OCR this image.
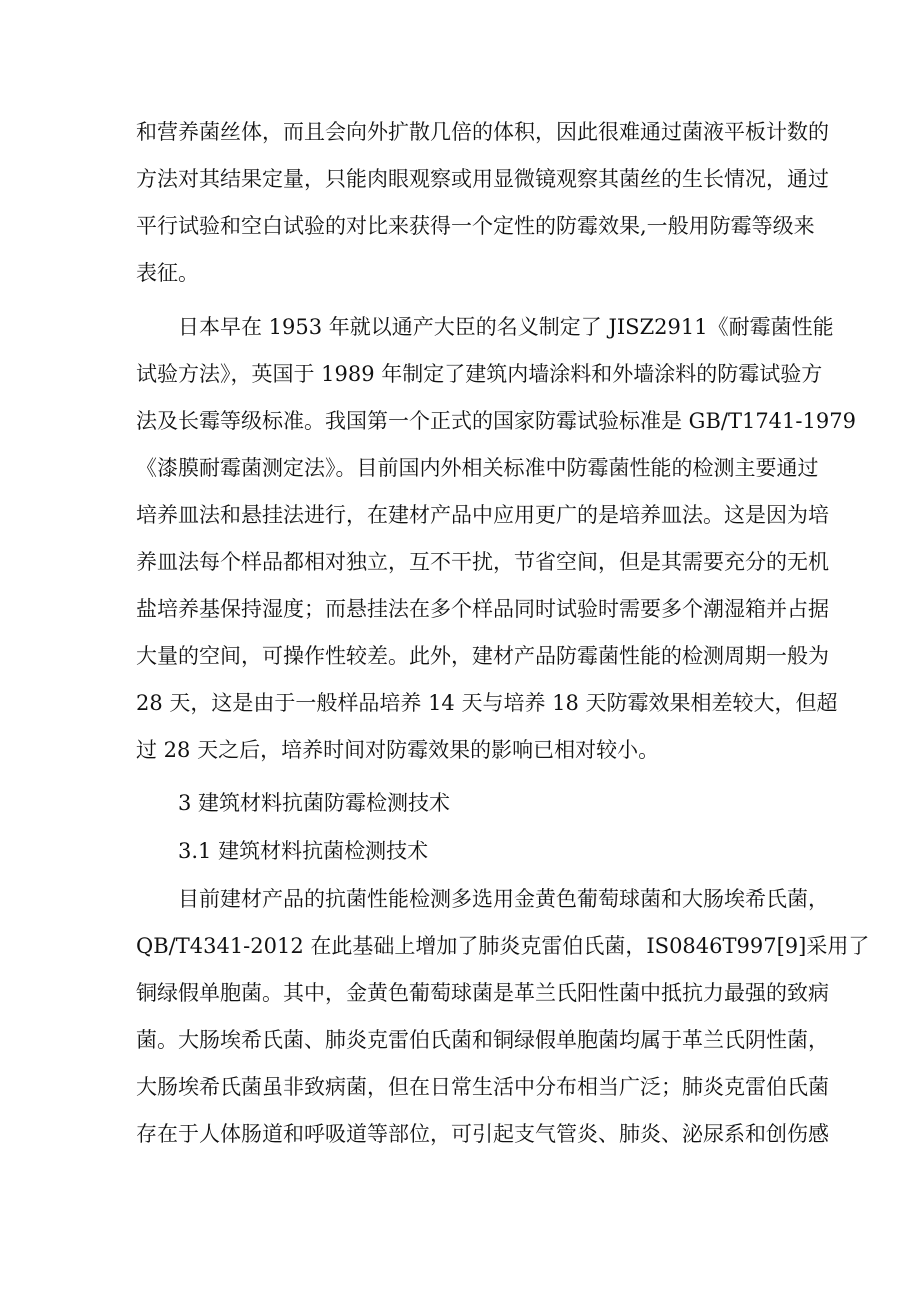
和营养菌丝体，而且会向外扩散几倍的体积，因此很难通过菌液平板计数的
方法对其结果定量，只能肉眼观察或用显微镜观察其菌丝的生长情况，通过
平行试验和空白试验的对比来获得一个定性的防霉效果,一般用防霉等级来
表征。
日本早在 1953 年就以通产大臣的名义制定了 JISZ2911《耐霉菌性能
试验方法》，英国于 1989 年制定了建筑内墙涂料和外墙涂料的防霉试验方
法及长霉等级标准。我国第一个正式的国家防霉试验标准是 GB/T1741-1979
《漆膜耐霉菌测定法》。目前国内外相关标准中防霉菌性能的检测主要通过
培养皿法和悬挂法进行，在建材产品中应用更广的是培养皿法。这是因为培
养皿法每个样品都相对独立，互不干扰，节省空间，但是其需要充分的无机
盐培养基保持湿度；而悬挂法在多个样品同时试验时需要多个潮湿箱并占据
大量的空间，可操作性较差。此外，建材产品防霉菌性能的检测周期一般为
28 天，这是由于一般样品培养 14 天与培养 18 天防霉效果相差较大，但超
过 28 天之后，培养时间对防霉效果的影响已相对较小。
3 建筑材料抗菌防霉检测技术
3.1 建筑材料抗菌检测技术
目前建材产品的抗菌性能检测多选用金黄色葡萄球菌和大肠埃希氏菌，
QB/T4341-2012 在此基础上增加了肺炎克雷伯氏菌，IS0846T997[9]采用了
铜绿假单胞菌。其中，金黄色葡萄球菌是革兰氏阳性菌中抵抗力最强的致病
菌。大肠埃希氏菌、肺炎克雷伯氏菌和铜绿假单胞菌均属于革兰氏阴性菌，
大肠埃希氏菌虽非致病菌，但在日常生活中分布相当广泛；肺炎克雷伯氏菌
存在于人体肠道和呼吸道等部位，可引起支气管炎、肺炎、泌尿系和创伤感
